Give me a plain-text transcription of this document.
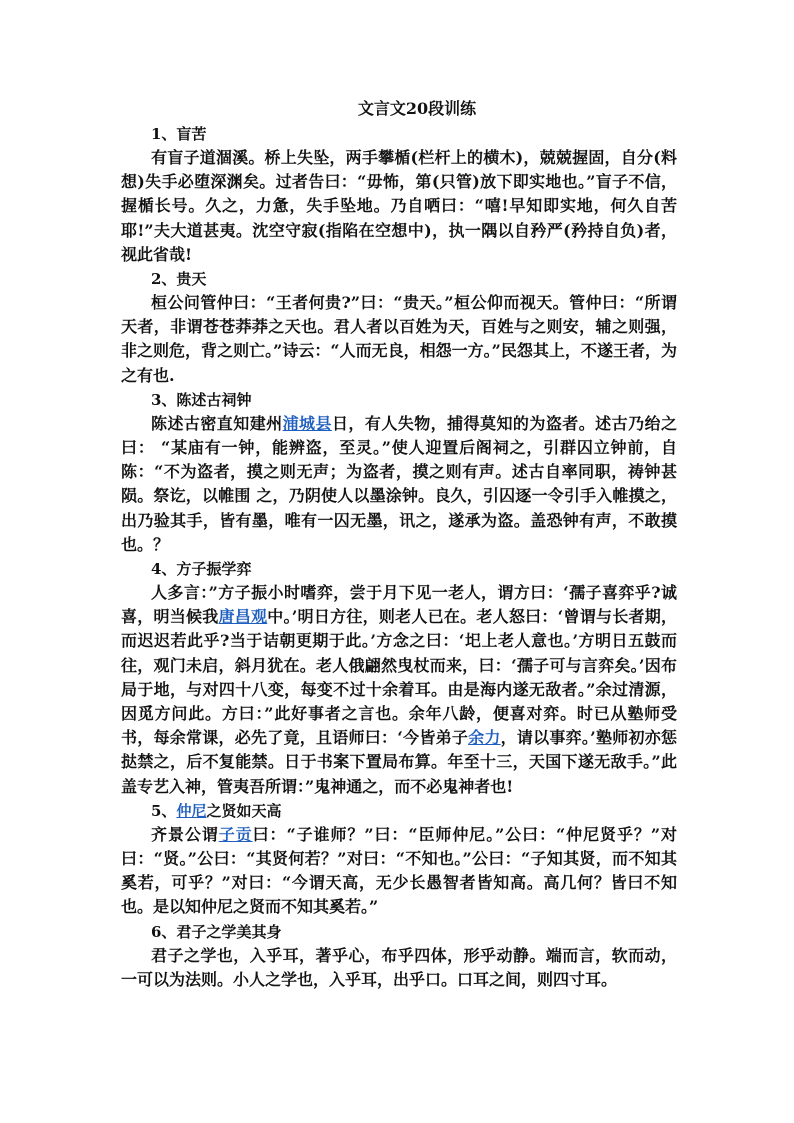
文言文20段训练
1、盲苦

有盲子道涸溪。桥上失坠，两手攀楯(栏杆上的横木)，兢兢握固，自分(料想)失手必堕深渊矣。过者告曰：“毋怖，第(只管)放下即实地也。”盲子不信，握楯长号。久之，力惫，失手坠地。乃自哂曰：“嘻!早知即实地，何久自苦耶!”夫大道甚夷。沈空守寂(指陷在空想中)，执一隅以自矜严(矜持自负)者，视此省哉!

2、贵天

桓公问管仲曰：“王者何贵?”曰：“贵天。”桓公仰而视天。管仲曰：“所谓天者，非谓苍苍莽莽之天也。君人者以百姓为天，百姓与之则安，辅之则强，非之则危，背之则亡。”诗云：“人而无良，相怨一方。”民怨其上，不遂王者，为之有也.

3、陈述古祠钟

陈述古密直知建州浦城县日，有人失物，捕得莫知的为盗者。述古乃绐之曰： “某庙有一钟，能辨盗，至灵。”使人迎置后阁祠之，引群囚立钟前，自陈：“不为盗者，摸之则无声；为盗者，摸之则有声。述古自率同职，祷钟甚陨。祭讫，以帷围 之，乃阴使人以墨涂钟。良久，引囚逐一令引手入帷摸之，出乃验其手，皆有墨，唯有一囚无墨，讯之，遂承为盗。盖恐钟有声，不敢摸也。？

4、方子振学弈

人多言：”方子振小时嗜弈，尝于月下见一老人，谓方曰：‘孺子喜弈乎?诚喜，明当候我唐昌观中。’明日方往，则老人已在。老人怒曰：‘曾谓与长者期，而迟迟若此乎?当于诘朝更期于此。’方念之曰：‘圯上老人意也。’方明日五鼓而往，观门未启，斜月犹在。老人俄翩然曳杖而来，曰：‘孺子可与言弈矣。’因布局于地，与对四十八变，每变不过十余着耳。由是海内遂无敌者。”余过清源，因觅方问此。方曰：”此好事者之言也。余年八龄，便喜对弈。时已从塾师受书，每余常课，必先了竟，且语师曰：‘今皆弟子余力，请以事弈。’塾师初亦惩挞禁之，后不复能禁。日于书案下置局布算。年至十三，天国下遂无敌手。”此盖专艺入神，管夷吾所谓：”鬼神通之，而不必鬼神者也!

5、仲尼之贤如天高

齐景公谓子贡曰：“子谁师？”曰：“臣师仲尼。”公曰：“仲尼贤乎？”对曰：“贤。”公曰：“其贤何若？”对曰：“不知也。”公曰：“子知其贤，而不知其奚若，可乎？”对曰：“今谓天高，无少长愚智者皆知高。高几何？皆曰不知也。是以知仲尼之贤而不知其奚若。”

6、君子之学美其身

君子之学也，入乎耳，著乎心，布乎四体，形乎动静。端而言，软而动，一可以为法则。小人之学也，入乎耳，出乎口。口耳之间，则四寸耳。
